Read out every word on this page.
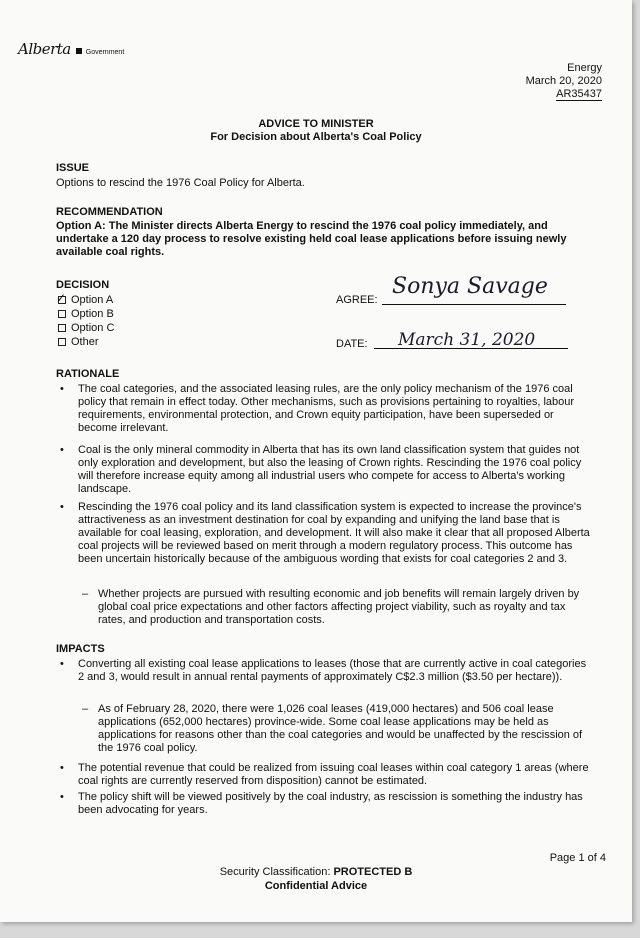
Alberta Government
Energy
March 20, 2020
AR35437
ADVICE TO MINISTER
For Decision about Alberta's Coal Policy
ISSUE
Options to rescind the 1976 Coal Policy for Alberta.
RECOMMENDATION
Option A: The Minister directs Alberta Energy to rescind the 1976 coal policy immediately, and undertake a 120 day process to resolve existing held coal lease applications before issuing newly available coal rights.
DECISION
✓ Option A
Option B
Option C
Other
AGREE:
Sonya Savage
DATE: March 31, 2020
RATIONALE
• The coal categories, and the associated leasing rules, are the only policy mechanism of the 1976 coal policy that remain in effect today. Other mechanisms, such as provisions pertaining to royalties, labour requirements, environmental protection, and Crown equity participation, have been superseded or become irrelevant.
• Coal is the only mineral commodity in Alberta that has its own land classification system that guides not only exploration and development, but also the leasing of Crown rights. Rescinding the 1976 coal policy will therefore increase equity among all industrial users who compete for access to Alberta's working landscape.
• Rescinding the 1976 coal policy and its land classification system is expected to increase the province's attractiveness as an investment destination for coal by expanding and unifying the land base that is available for coal leasing, exploration, and development. It will also make it clear that all proposed Alberta coal projects will be reviewed based on merit through a modern regulatory process. This outcome has been uncertain historically because of the ambiguous wording that exists for coal categories 2 and 3.
– Whether projects are pursued with resulting economic and job benefits will remain largely driven by global coal price expectations and other factors affecting project viability, such as royalty and tax rates, and production and transportation costs.
IMPACTS
• Converting all existing coal lease applications to leases (those that are currently active in coal categories 2 and 3, would result in annual rental payments of approximately C$2.3 million ($3.50 per hectare)).
– As of February 28, 2020, there were 1,026 coal leases (419,000 hectares) and 506 coal lease applications (652,000 hectares) province-wide. Some coal lease applications may be held as applications for reasons other than the coal categories and would be unaffected by the rescission of the 1976 coal policy.
• The potential revenue that could be realized from issuing coal leases within coal category 1 areas (where coal rights are currently reserved from disposition) cannot be estimated.
• The policy shift will be viewed positively by the coal industry, as rescission is something the industry has been advocating for years.
Page 1 of 4
Security Classification: PROTECTED B
Confidential Advice
